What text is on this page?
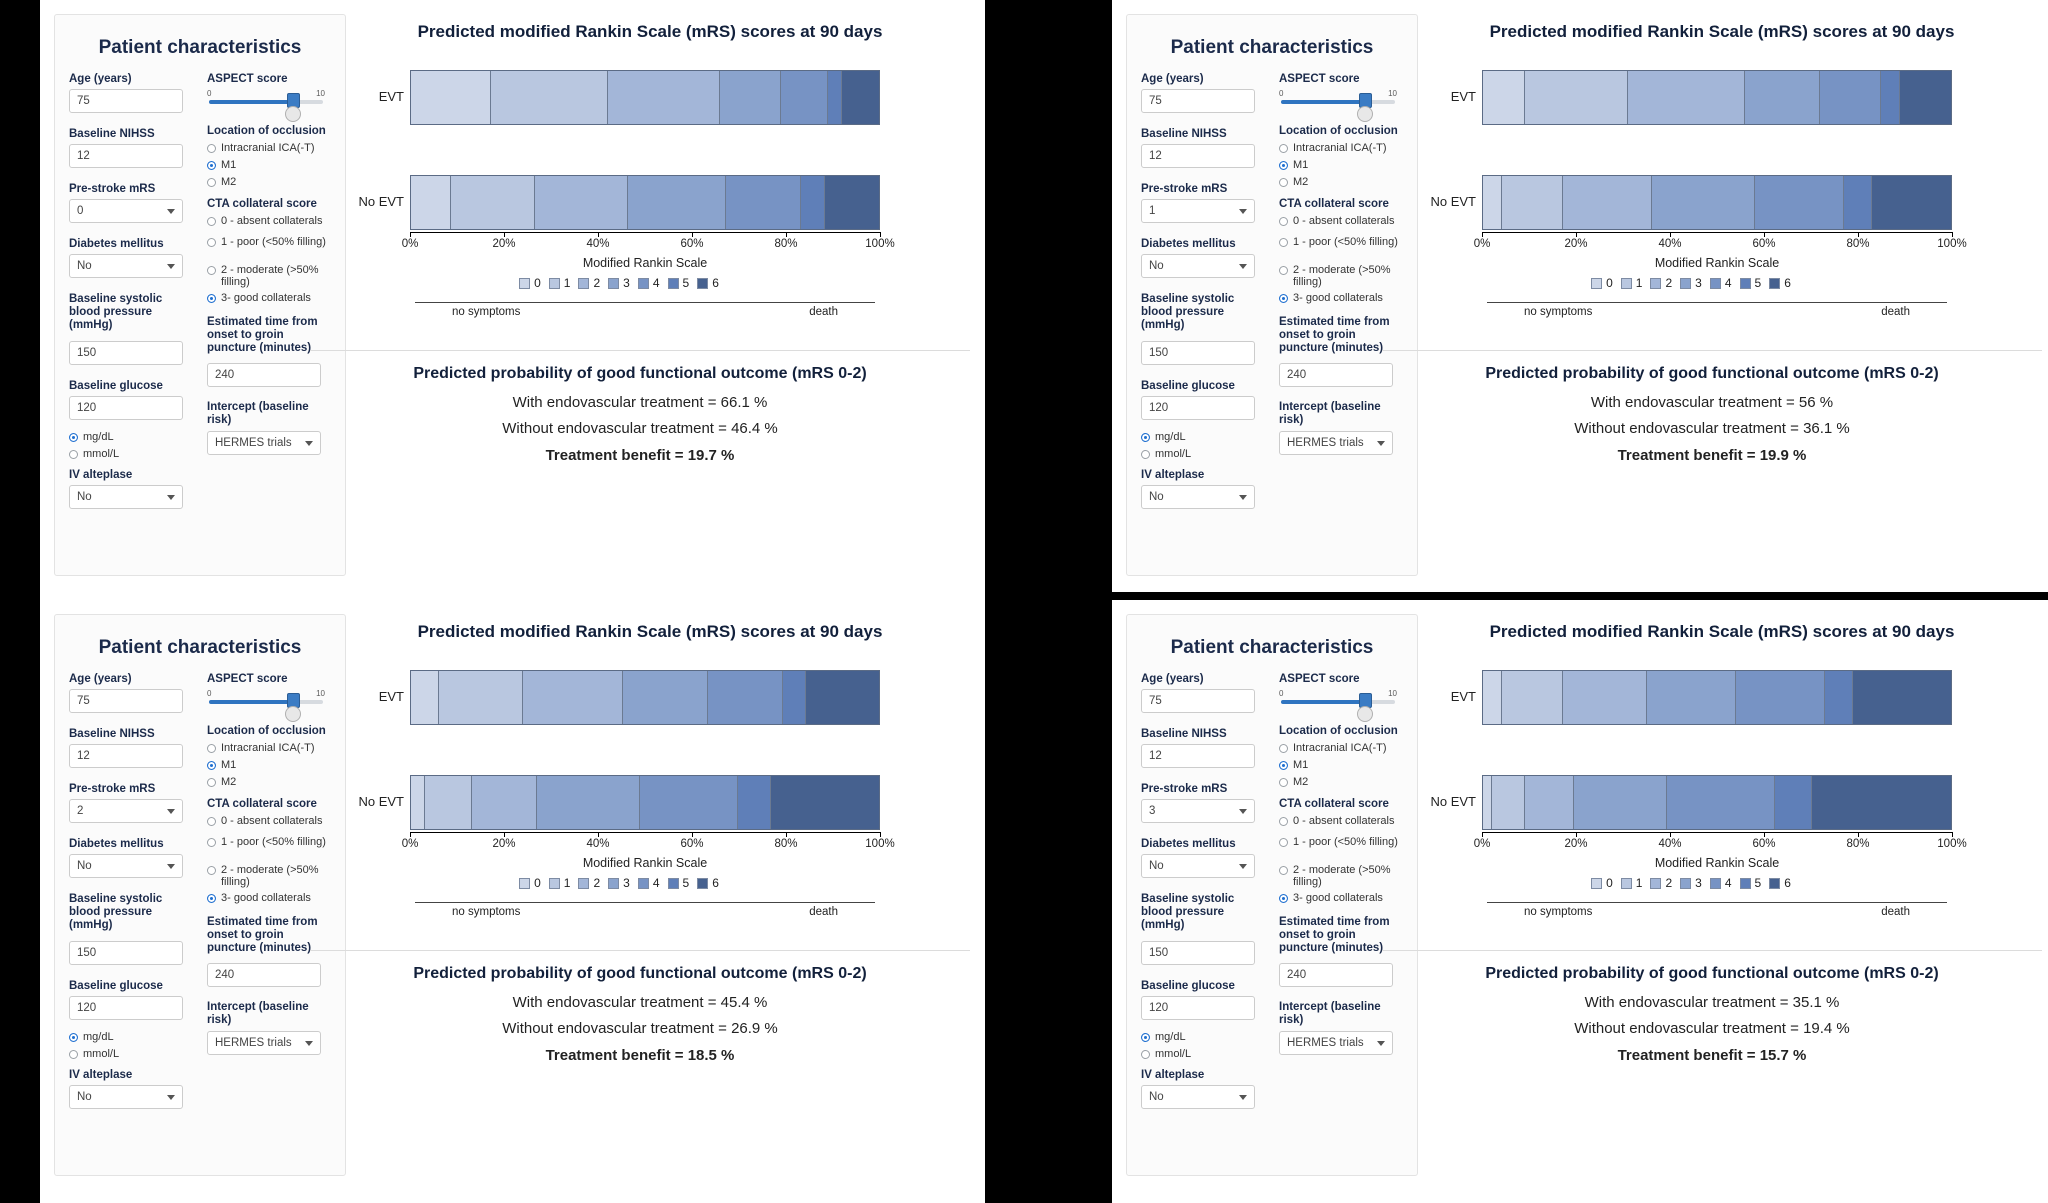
Patient characteristics
Age (years)
75
Baseline NIHSS
12
Pre-stroke mRS
0
Diabetes mellitus
No
Baseline systolic blood pressure (mmHg)
150
Baseline glucose
120
mg/dL
mmol/L
IV alteplase
No
ASPECT score
0	10
Location of occlusion
Intracranial ICA(-T)
M1
M2
CTA collateral score
0 - absent collaterals
1 - poor (<50% filling)
2 - moderate (>50% filling)
3- good collaterals
Estimated time from onset to groin puncture (minutes)
240
Intercept (baseline risk)
HERMES trials
Predicted modified Rankin Scale (mRS) scores at 90 days
EVT
No EVT
0%	20%	40%	60%	80%	100%
Modified Rankin Scale
0 1 2 3 4 5 6
no symptoms	death
Predicted probability of good functional outcome (mRS 0-2)
With endovascular treatment = 66.1 %
Without endovascular treatment = 46.4 %
Treatment benefit = 19.7 %
Patient characteristics
Age (years)
75
Baseline NIHSS
12
Pre-stroke mRS
1
Diabetes mellitus
No
Baseline systolic blood pressure (mmHg)
150
Baseline glucose
120
mg/dL
mmol/L
IV alteplase
No
ASPECT score
0	10
Location of occlusion
Intracranial ICA(-T)
M1
M2
CTA collateral score
0 - absent collaterals
1 - poor (<50% filling)
2 - moderate (>50% filling)
3- good collaterals
Estimated time from onset to groin puncture (minutes)
240
Intercept (baseline risk)
HERMES trials
Predicted modified Rankin Scale (mRS) scores at 90 days
EVT
No EVT
0%	20%	40%	60%	80%	100%
Modified Rankin Scale
0 1 2 3 4 5 6
no symptoms	death
Predicted probability of good functional outcome (mRS 0-2)
With endovascular treatment = 56 %
Without endovascular treatment = 36.1 %
Treatment benefit = 19.9 %
Patient characteristics
Age (years)
75
Baseline NIHSS
12
Pre-stroke mRS
2
Diabetes mellitus
No
Baseline systolic blood pressure (mmHg)
150
Baseline glucose
120
mg/dL
mmol/L
IV alteplase
No
ASPECT score
0	10
Location of occlusion
Intracranial ICA(-T)
M1
M2
CTA collateral score
0 - absent collaterals
1 - poor (<50% filling)
2 - moderate (>50% filling)
3- good collaterals
Estimated time from onset to groin puncture (minutes)
240
Intercept (baseline risk)
HERMES trials
Predicted modified Rankin Scale (mRS) scores at 90 days
EVT
No EVT
0%	20%	40%	60%	80%	100%
Modified Rankin Scale
0 1 2 3 4 5 6
no symptoms	death
Predicted probability of good functional outcome (mRS 0-2)
With endovascular treatment = 45.4 %
Without endovascular treatment = 26.9 %
Treatment benefit = 18.5 %
Patient characteristics
Age (years)
75
Baseline NIHSS
12
Pre-stroke mRS
3
Diabetes mellitus
No
Baseline systolic blood pressure (mmHg)
150
Baseline glucose
120
mg/dL
mmol/L
IV alteplase
No
ASPECT score
0	10
Location of occlusion
Intracranial ICA(-T)
M1
M2
CTA collateral score
0 - absent collaterals
1 - poor (<50% filling)
2 - moderate (>50% filling)
3- good collaterals
Estimated time from onset to groin puncture (minutes)
240
Intercept (baseline risk)
HERMES trials
Predicted modified Rankin Scale (mRS) scores at 90 days
EVT
No EVT
0%	20%	40%	60%	80%	100%
Modified Rankin Scale
0 1 2 3 4 5 6
no symptoms	death
Predicted probability of good functional outcome (mRS 0-2)
With endovascular treatment = 35.1 %
Without endovascular treatment = 19.4 %
Treatment benefit = 15.7 %
